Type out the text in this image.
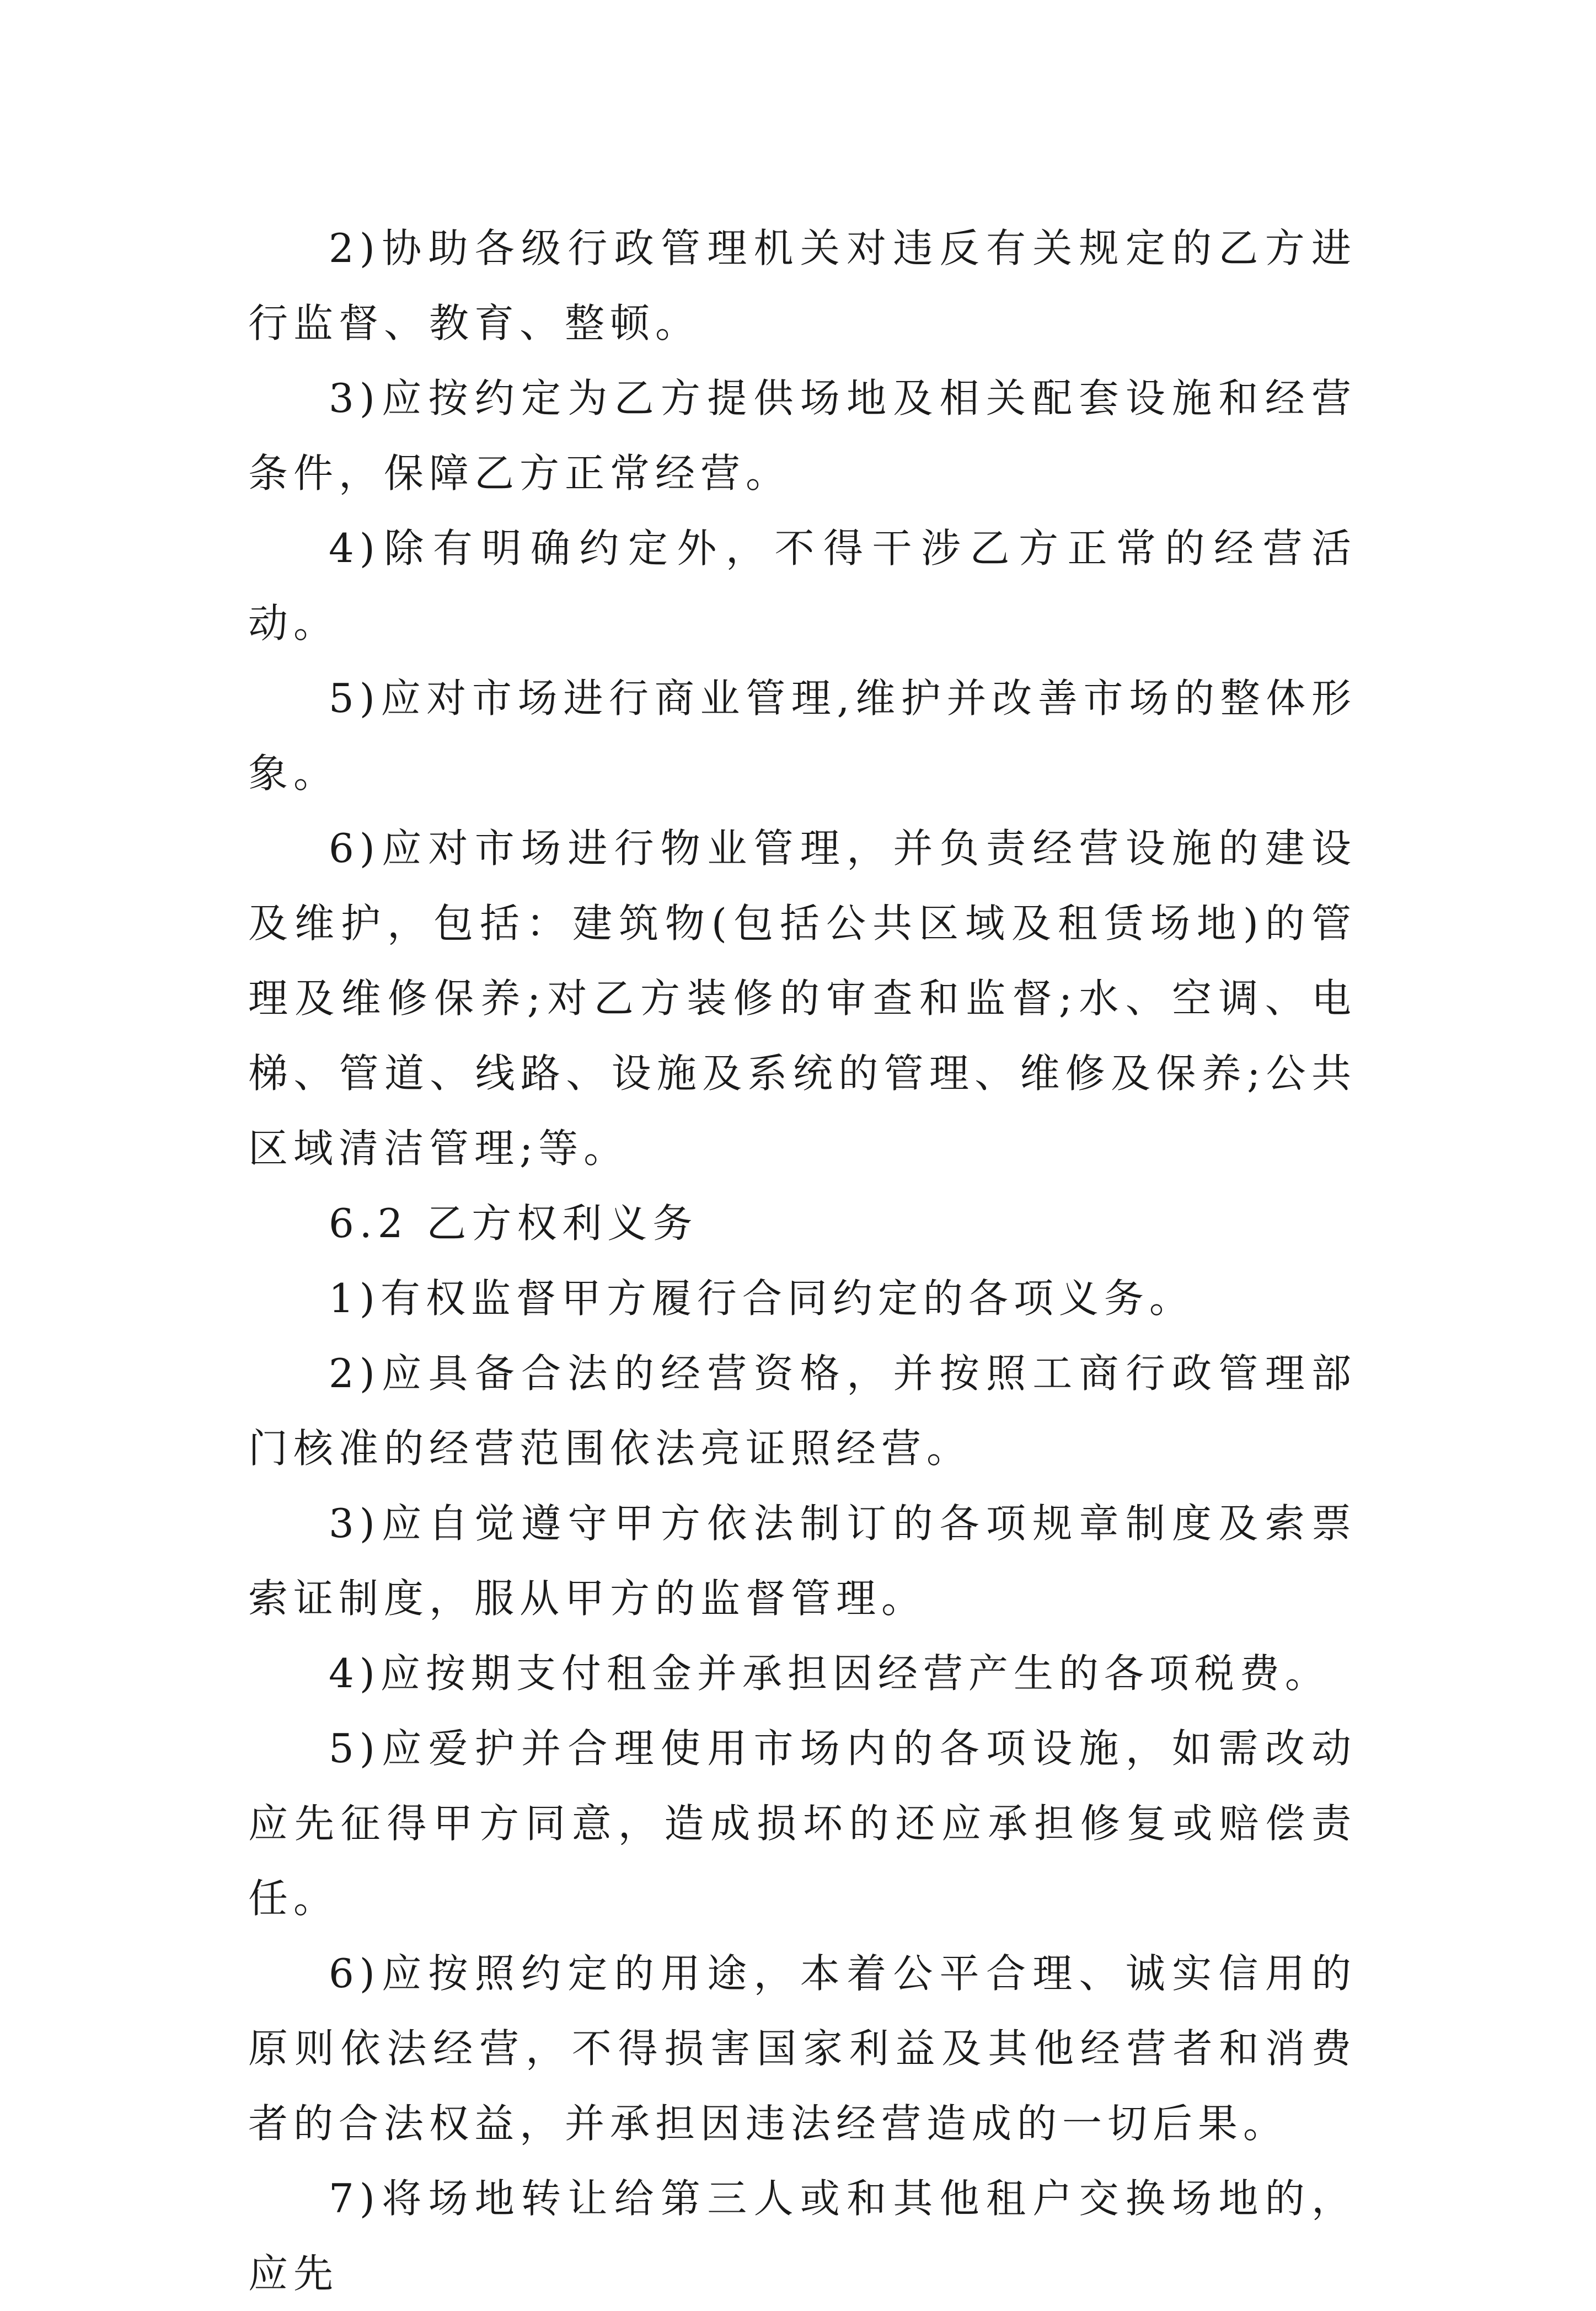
2)协助各级行政管理机关对违反有关规定的乙方进行监督、教育、整顿。

3)应按约定为乙方提供场地及相关配套设施和经营条件，保障乙方正常经营。

4)除有明确约定外，不得干涉乙方正常的经营活动。

5)应对市场进行商业管理,维护并改善市场的整体形象。

6)应对市场进行物业管理，并负责经营设施的建设及维护，包括：建筑物(包括公共区域及租赁场地)的管理及维修保养;对乙方装修的审查和监督;水、空调、电梯、管道、线路、设施及系统的管理、维修及保养;公共区域清洁管理;等。

6.2 乙方权利义务

1)有权监督甲方履行合同约定的各项义务。

2)应具备合法的经营资格，并按照工商行政管理部门核准的经营范围依法亮证照经营。

3)应自觉遵守甲方依法制订的各项规章制度及索票索证制度，服从甲方的监督管理。

4)应按期支付租金并承担因经营产生的各项税费。

5)应爱护并合理使用市场内的各项设施，如需改动应先征得甲方同意，造成损坏的还应承担修复或赔偿责任。

6)应按照约定的用途，本着公平合理、诚实信用的原则依法经营，不得损害国家利益及其他经营者和消费者的合法权益，并承担因违法经营造成的一切后果。

7)将场地转让给第三人或和其他租户交换场地的，应先
